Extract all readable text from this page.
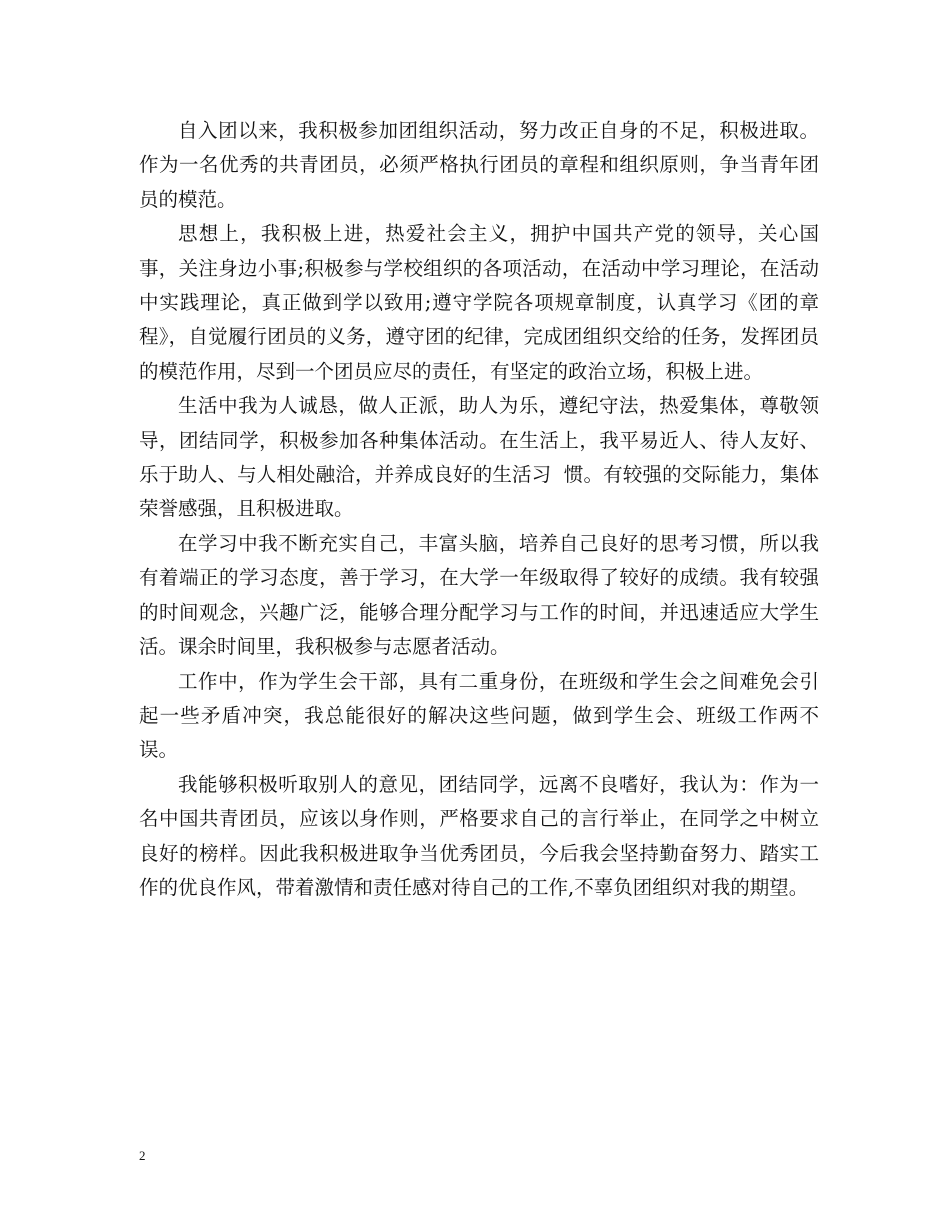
自入团以来，我积极参加团组织活动，努力改正自身的不足，积极进取。作为一名优秀的共青团员，必须严格执行团员的章程和组织原则，争当青年团员的模范。

思想上，我积极上进，热爱社会主义，拥护中国共产党的领导，关心国事，关注身边小事;积极参与学校组织的各项活动，在活动中学习理论，在活动中实践理论，真正做到学以致用;遵守学院各项规章制度，认真学习《团的章程》，自觉履行团员的义务，遵守团的纪律，完成团组织交给的任务，发挥团员的模范作用，尽到一个团员应尽的责任，有坚定的政治立场，积极上进。

生活中我为人诚恳，做人正派，助人为乐，遵纪守法，热爱集体，尊敬领导，团结同学，积极参加各种集体活动。在生活上，我平易近人、待人友好、乐于助人、与人相处融洽，并养成良好的生活习  惯。有较强的交际能力，集体荣誉感强，且积极进取。

在学习中我不断充实自己，丰富头脑，培养自己良好的思考习惯，所以我有着端正的学习态度，善于学习，在大学一年级取得了较好的成绩。我有较强的时间观念，兴趣广泛，能够合理分配学习与工作的时间，并迅速适应大学生活。课余时间里，我积极参与志愿者活动。

工作中，作为学生会干部，具有二重身份，在班级和学生会之间难免会引起一些矛盾冲突，我总能很好的解决这些问题，做到学生会、班级工作两不误。

我能够积极听取别人的意见，团结同学，远离不良嗜好，我认为：作为一名中国共青团员，应该以身作则，严格要求自己的言行举止，在同学之中树立良好的榜样。因此我积极进取争当优秀团员，今后我会坚持勤奋努力、踏实工作的优良作风，带着激情和责任感对待自己的工作,不辜负团组织对我的期望。

2
